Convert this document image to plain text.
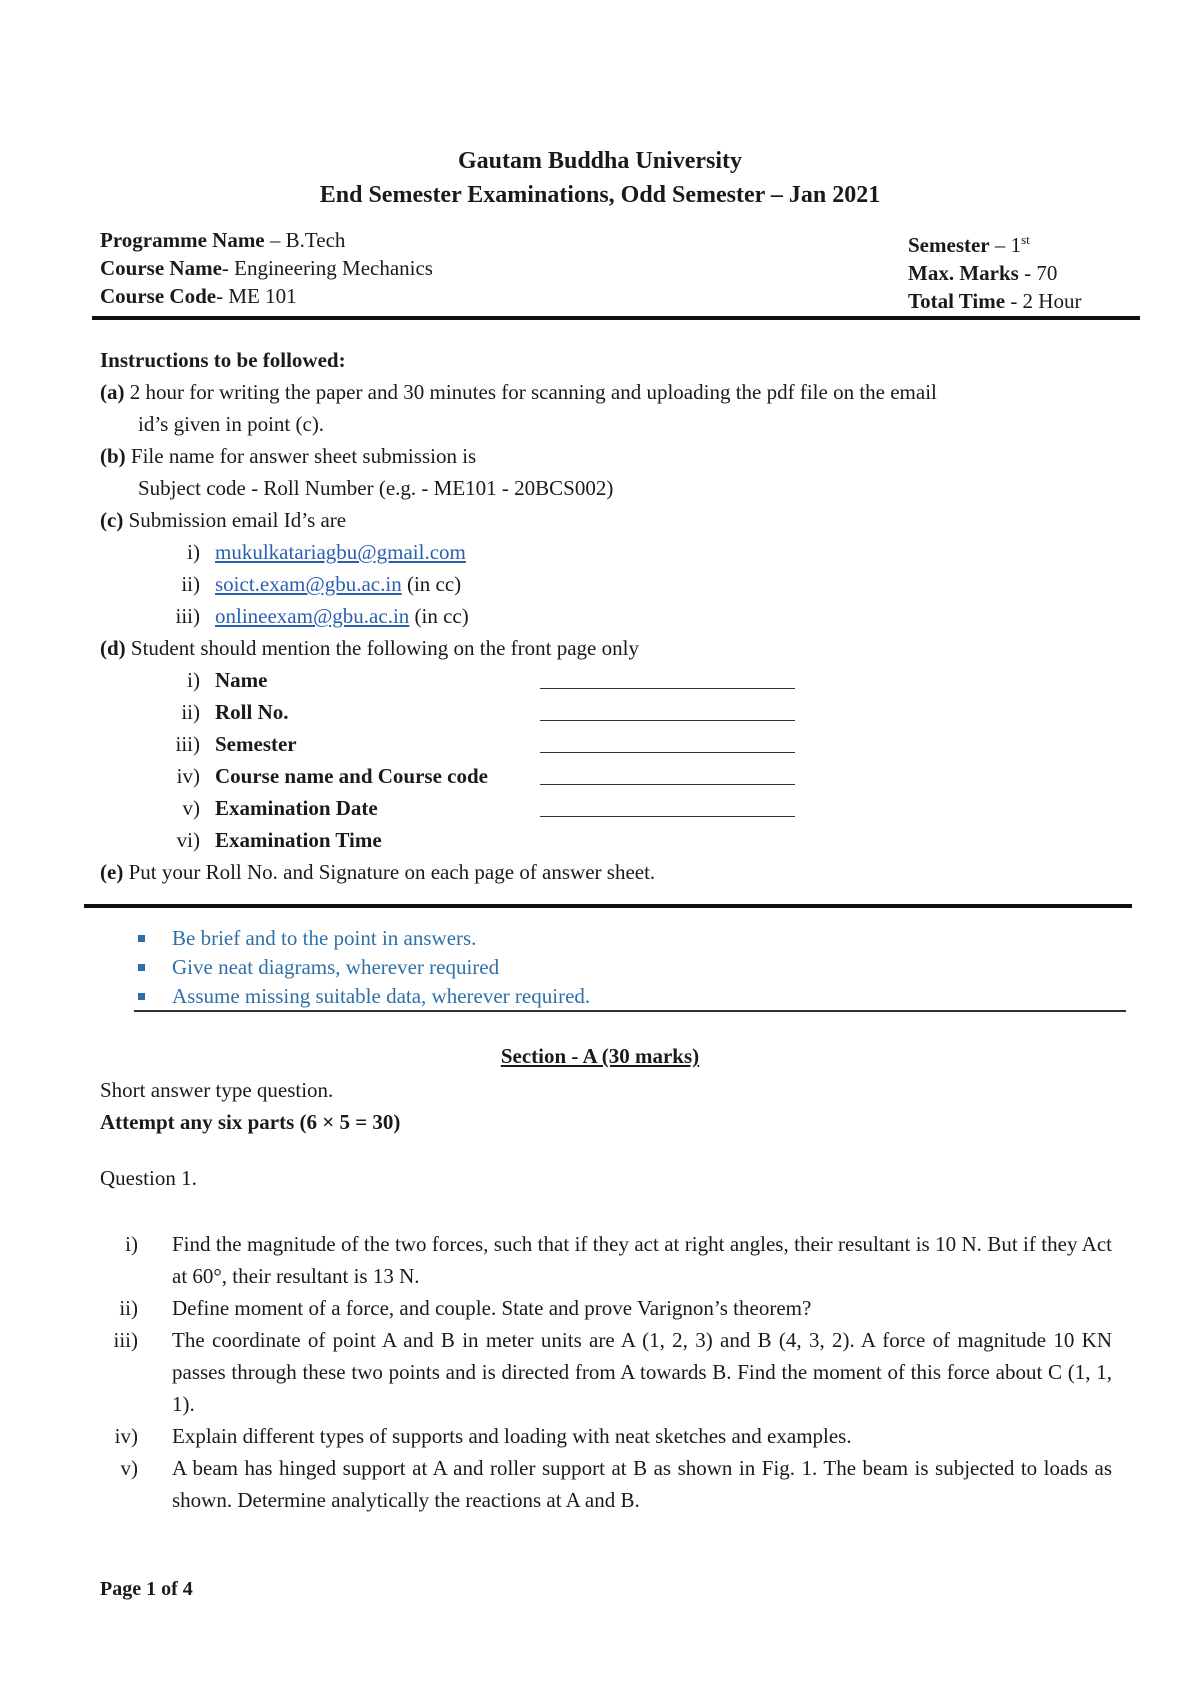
Gautam Buddha University
End Semester Examinations, Odd Semester – Jan 2021
Programme Name – B.Tech
Course Name- Engineering Mechanics
Course Code- ME 101
Semester – 1st
Max. Marks - 70
Total Time - 2 Hour
Instructions to be followed:
(a) 2 hour for writing the paper and 30 minutes for scanning and uploading the pdf file on the email
id’s given in point (c).
(b) File name for answer sheet submission is
Subject code - Roll Number (e.g. - ME101 - 20BCS002)
(c) Submission email Id’s are
i) mukulkatariagbu@gmail.com
ii) soict.exam@gbu.ac.in (in cc)
iii) onlineexam@gbu.ac.in (in cc)
(d) Student should mention the following on the front page only
i) Name
ii) Roll No.
iii) Semester
iv) Course name and Course code
v) Examination Date
vi) Examination Time
(e) Put your Roll No. and Signature on each page of answer sheet.
Be brief and to the point in answers.
Give neat diagrams, wherever required
Assume missing suitable data, wherever required.
Section - A (30 marks)
Short answer type question.
Attempt any six parts (6 × 5 = 30)
Question 1.
i) Find the magnitude of the two forces, such that if they act at right angles, their resultant is 10 N. But if they Act at 60°, their resultant is 13 N.
ii) Define moment of a force, and couple. State and prove Varignon’s theorem?
iii) The coordinate of point A and B in meter units are A (1, 2, 3) and B (4, 3, 2). A force of magnitude 10 KN passes through these two points and is directed from A towards B. Find the moment of this force about C (1, 1, 1).
iv) Explain different types of supports and loading with neat sketches and examples.
v) A beam has hinged support at A and roller support at B as shown in Fig. 1. The beam is subjected to loads as shown. Determine analytically the reactions at A and B.
Page 1 of 4
